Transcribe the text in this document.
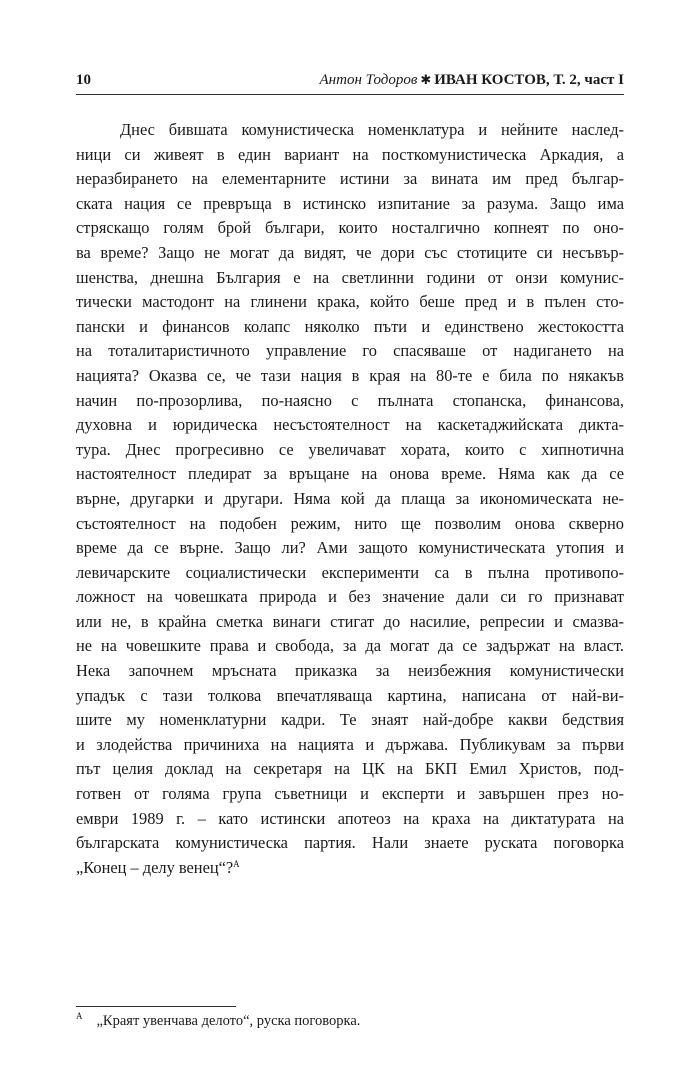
10	Антон Тодоров ✱ ИВАН КОСТОВ, Т. 2, част I
Днес бившата комунистическа номенклатура и нейните наслед-
ници си живеят в един вариант на посткомунистическа Аркадия, а
неразбирането на елементарните истини за вината им пред българ-
ската нация се превръща в истинско изпитание за разума. Защо има
стряскащо голям брой българи, които носталгично копнеят по оно-
ва време? Защо не могат да видят, че дори със стотиците си несъвър-
шенства, днешна България е на светлинни години от онзи комунис-
тически мастодонт на глинени крака, който беше пред и в пълен сто-
пански и финансов колапс няколко пъти и единствено жестокостта
на тоталитаристичното управление го спасяваше от надигането на
нацията? Оказва се, че тази нация в края на 80-те е била по някакъв
начин по-прозорлива, по-наясно с пълната стопанска, финансова,
духовна и юридическа несъстоятелност на каскетаджийската дикта-
тура. Днес прогресивно се увеличават хората, които с хипнотична
настоятелност пледират за връщане на онова време. Няма как да се
върне, другарки и другари. Няма кой да плаща за икономическата не-
състоятелност на подобен режим, нито ще позволим онова скверно
време да се върне. Защо ли? Ами защото комунистическата утопия и
левичарските социалистически експерименти са в пълна противопо-
ложност на човешката природа и без значение дали си го признават
или не, в крайна сметка винаги стигат до насилие, репресии и смазва-
не на човешките права и свобода, за да могат да се задържат на власт.
Нека започнем мръсната приказка за неизбежния комунистически
упадък с тази толкова впечатляваща картина, написана от най-ви-
шите му номенклатурни кадри. Те знаят най-добре какви бедствия
и злодейства причиниха на нацията и държава. Публикувам за първи
път целия доклад на секретаря на ЦК на БКП Емил Христов, под-
готвен от голяма група съветници и експерти и завършен през но-
ември 1989 г. – като истински апотеоз на краха на диктатурата на
българската комунистическа партия. Нали знаете руската поговорка
„Конец – делу венец“?$^A$
$^A$ „Краят увенчава делото“, руска поговорка.
